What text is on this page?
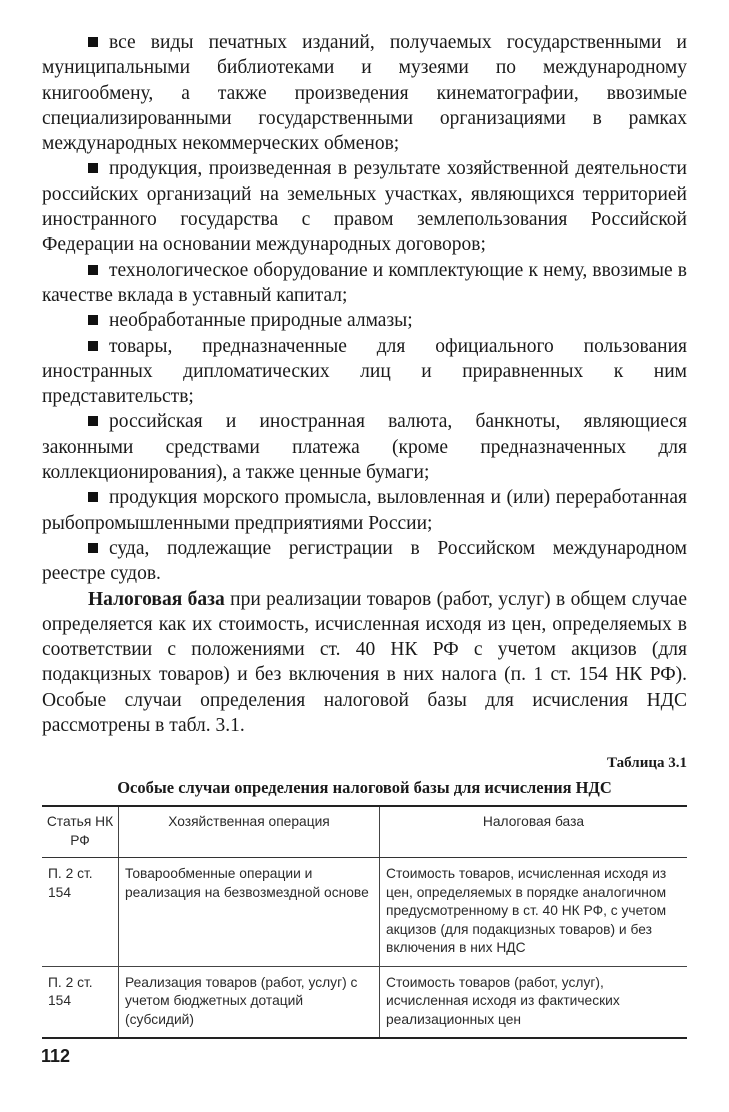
все виды печатных изданий, получаемых государственными и муниципальными библиотеками и музеями по международному книгообмену, а также произведения кинематографии, ввозимые специализированными государственными организациями в рамках международных некоммерческих обменов;

продукция, произведенная в результате хозяйственной деятельности российских организаций на земельных участках, являющихся территорией иностранного государства с правом землепользования Российской Федерации на основании международных договоров;

технологическое оборудование и комплектующие к нему, ввозимые в качестве вклада в уставный капитал;

необработанные природные алмазы;

товары, предназначенные для официального пользования иностранных дипломатических лиц и приравненных к ним представительств;

российская и иностранная валюта, банкноты, являющиеся законными средствами платежа (кроме предназначенных для коллекционирования), а также ценные бумаги;

продукция морского промысла, выловленная и (или) переработанная рыбопромышленными предприятиями России;

суда, подлежащие регистрации в Российском международном реестре судов.

Налоговая база при реализации товаров (работ, услуг) в общем случае определяется как их стоимость, исчисленная исходя из цен, определяемых в соответствии с положениями ст. 40 НК РФ с учетом акцизов (для подакцизных товаров) и без включения в них налога (п. 1 ст. 154 НК РФ). Особые случаи определения налоговой базы для исчисления НДС рассмотрены в табл. 3.1.

Таблица 3.1
Особые случаи определения налоговой базы для исчисления НДС
Статья НК РФ	Хозяйственная операция	Налоговая база
П. 2 ст. 154	Товарообменные операции и реализация на безвозмездной основе	Стоимость товаров, исчисленная исходя из цен, определяемых в порядке аналогичном предусмотренному в ст. 40 НК РФ, с учетом акцизов (для подакцизных товаров) и без включения в них НДС
П. 2 ст. 154	Реализация товаров (работ, услуг) с учетом бюджетных дотаций (субсидий)	Стоимость товаров (работ, услуг), исчисленная исходя из фактических реализационных цен
112
